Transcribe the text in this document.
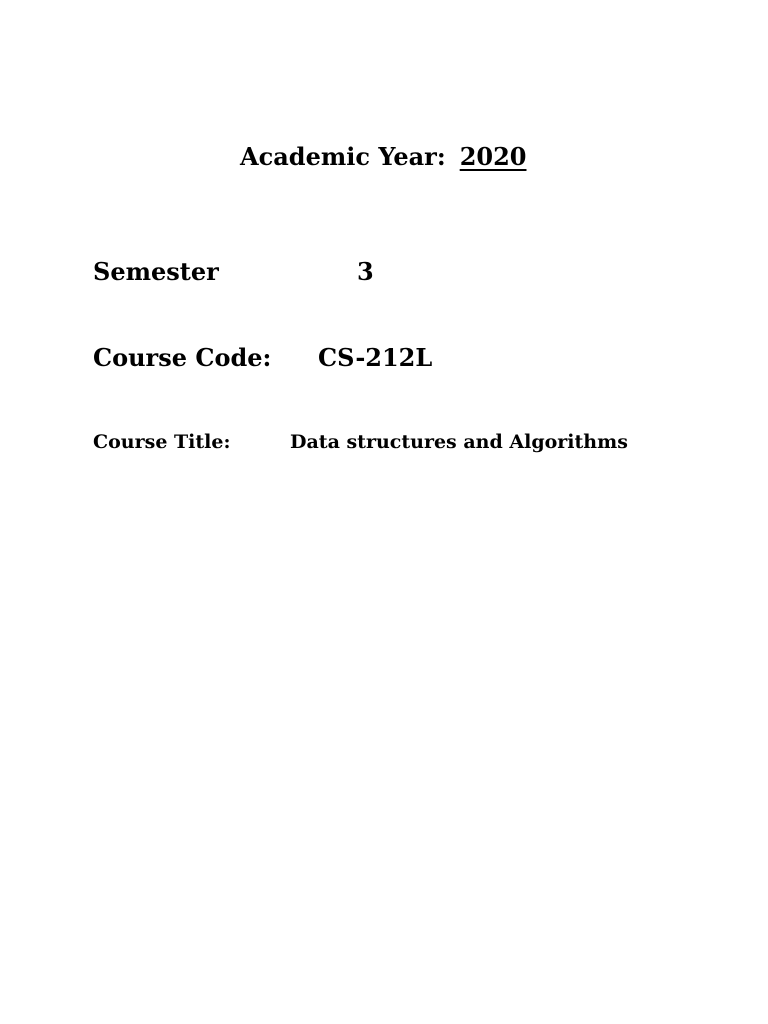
Academic Year: 2020
Semester	3
Course Code: CS-212L
Course Title:	Data structures and Algorithms
